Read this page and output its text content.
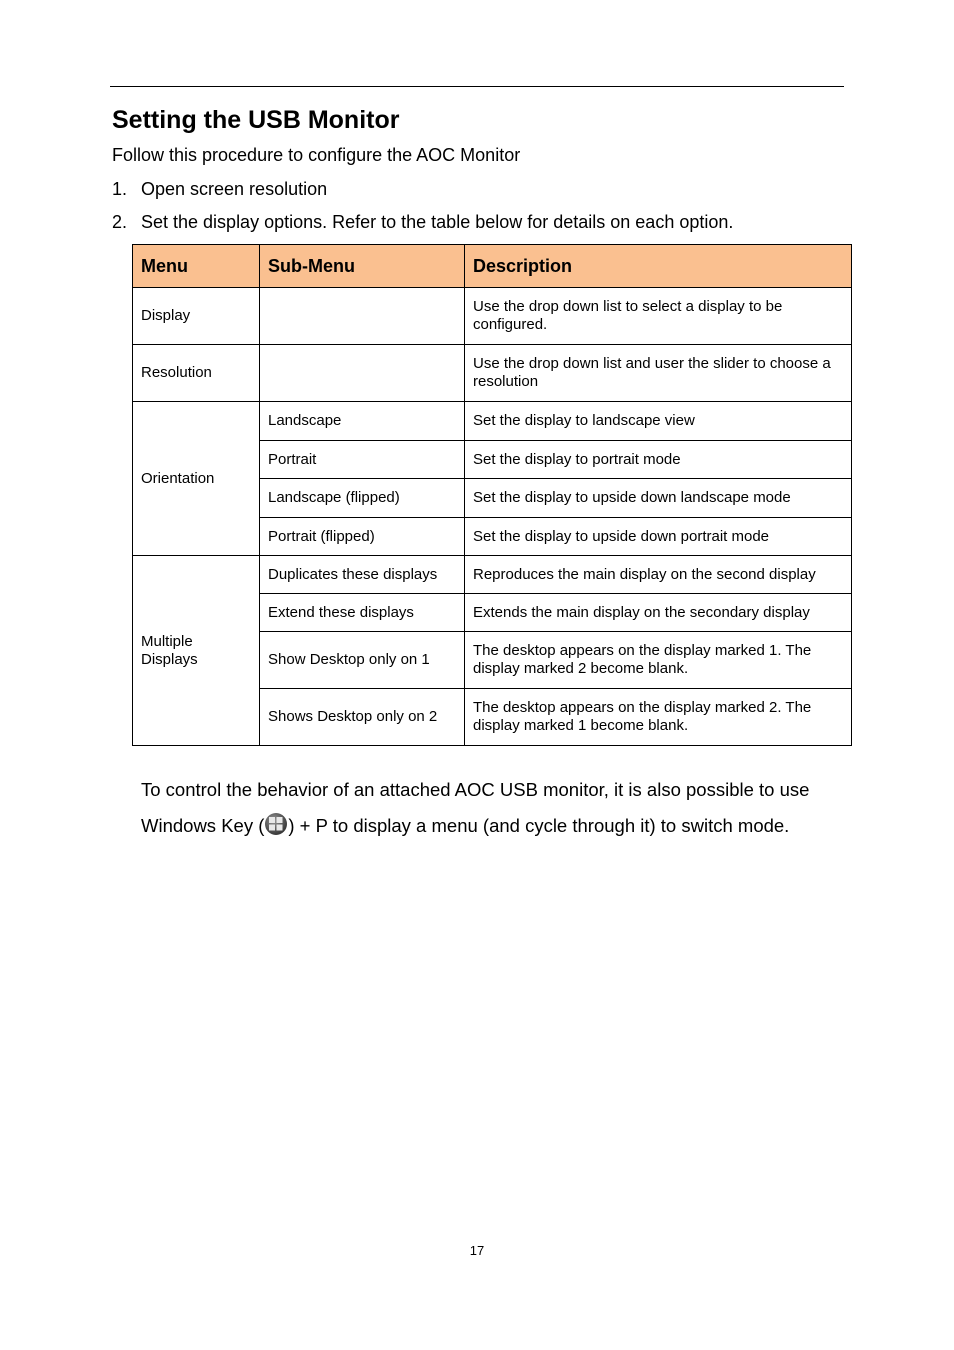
Setting the USB Monitor
Follow this procedure to configure the AOC Monitor
1. Open screen resolution
2. Set the display options. Refer to the table below for details on each option.
Menu	Sub-Menu	Description
Display		Use the drop down list to select a display to be configured.
Resolution		Use the drop down list and user the slider to choose a resolution
Orientation	Landscape	Set the display to landscape view
	Portrait	Set the display to portrait mode
	Landscape (flipped)	Set the display to upside down landscape mode
	Portrait (flipped)	Set the display to upside down portrait mode
Multiple Displays	Duplicates these displays	Reproduces the main display on the second display
	Extend these displays	Extends the main display on the secondary display
	Show Desktop only on 1	The desktop appears on the display marked 1. The display marked 2 become blank.
	Shows Desktop only on 2	The desktop appears on the display marked 2. The display marked 1 become blank.
To control the behavior of an attached AOC USB monitor, it is also possible to use Windows Key ( ) + P to display a menu (and cycle through it) to switch mode.
17
